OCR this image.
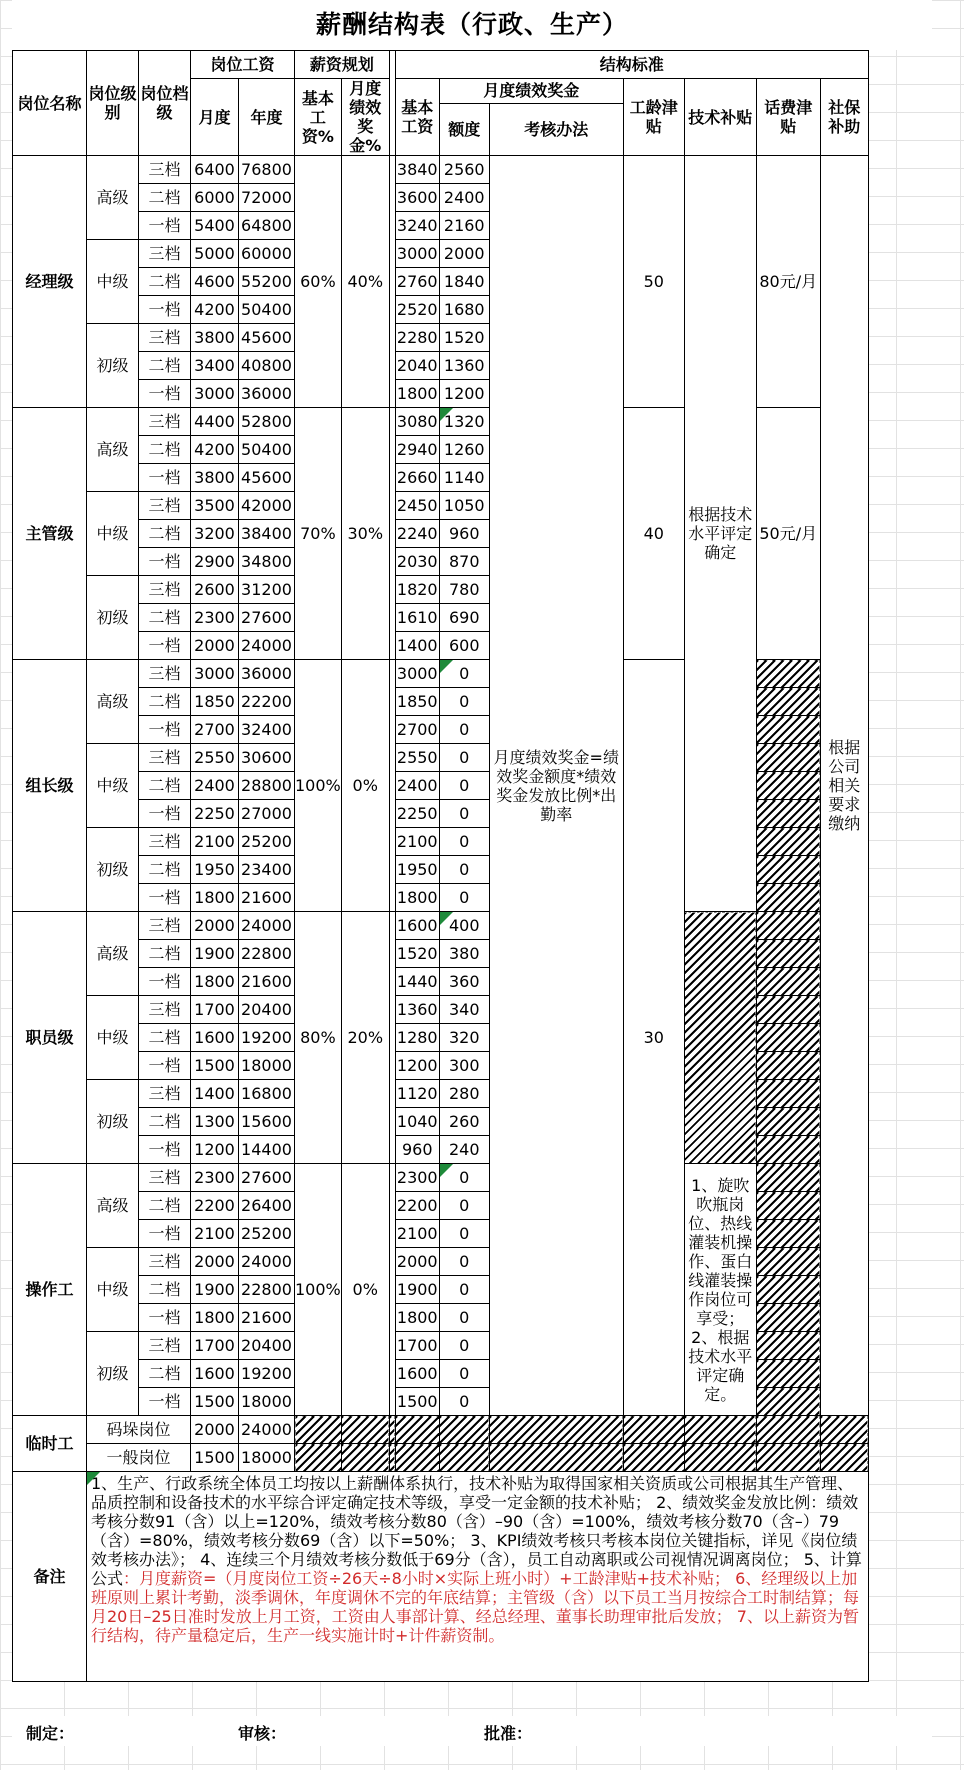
薪酬结构表（行政、生产）
岗位名称	岗位级别	岗位档级	岗位工资		薪资规划			结构标准						
			月度	年度	基本工资%	月度绩效奖金%		基本工资	月度绩效奖金		工龄津贴	技术补贴	话费津贴	社保补助
									额度	考核办法				
经理级	高级	三档	6400	76800	60%	40%		3840	2560	月度绩效奖金=绩效奖金额度*绩效奖金发放比例*出勤率	50	根据技术水平评定确定	80元/月	根据公司相关要求缴纳
		二档	6000	72000				3600	2400					
		一档	5400	64800				3240	2160					
	中级	三档	5000	60000				3000	2000					
		二档	4600	55200				2760	1840					
		一档	4200	50400				2520	1680					
	初级	三档	3800	45600				2280	1520					
		二档	3400	40800				2040	1360					
		一档	3000	36000				1800	1200					
主管级	高级	三档	4400	52800	70%	30%		3080	1320		40		50元/月	
		二档	4200	50400				2940	1260					
		一档	3800	45600				2660	1140					
	中级	三档	3500	42000				2450	1050					
		二档	3200	38400				2240	960					
		一档	2900	34800				2030	870					
	初级	三档	2600	31200				1820	780					
		二档	2300	27600				1610	690					
		一档	2000	24000				1400	600					
组长级	高级	三档	3000	36000	100%	0%		3000	0		30			
		二档	1850	22200				1850	0					
		一档	2700	32400				2700	0					
	中级	三档	2550	30600				2550	0					
		二档	2400	28800				2400	0					
		一档	2250	27000				2250	0					
	初级	三档	2100	25200				2100	0					
		二档	1950	23400				1950	0					
		一档	1800	21600				1800	0					
职员级	高级	三档	2000	24000	80%	20%		1600	400					
		二档	1900	22800				1520	380					
		一档	1800	21600				1440	360					
	中级	三档	1700	20400				1360	340					
		二档	1600	19200				1280	320					
		一档	1500	18000				1200	300					
	初级	三档	1400	16800				1120	280					
		二档	1300	15600				1040	260					
		一档	1200	14400				960	240					
操作工	高级	三档	2300	27600	100%	0%		2300	0			1、旋吹吹瓶岗位、热线灌装机操作、蛋白线灌装操作岗位可享受；2、根据技术水平评定确定。		
		二档	2200	26400				2200	0					
		一档	2100	25200				2100	0					
	中级	三档	2000	24000				2000	0					
		二档	1900	22800				1900	0					
		一档	1800	21600				1800	0					
	初级	三档	1700	20400				1700	0					
		二档	1600	19200				1600	0					
		一档	1500	18000				1500	0					
临时工	码垛岗位		2000	24000										
	一般岗位		1500	18000										
备注	1、生产、行政系统全体员工均按以上薪酬体系执行，技术补贴为取得国家相关资质或公司根据其生产管理、品质控制和设备技术的水平综合评定确定技术等级，享受一定金额的技术补贴； 2、绩效奖金发放比例：绩效考核分数91（含）以上=120%，绩效考核分数80（含）–90（含）=100%，绩效考核分数70（含–）79（含）=80%，绩效考核分数69（含）以下=50%； 3、KPI绩效考核只考核本岗位关键指标，详见《岗位绩效考核办法》； 4、连续三个月绩效考核分数低于69分（含），员工自动离职或公司视情况调离岗位； 5、计算公式：月度薪资=（月度岗位工资÷26天÷8小时×实际上班小时）+工龄津贴+技术补贴； 6、经理级以上加班原则上累计考勤，淡季调休，年度调休不完的年底结算；主管级（含）以下员工当月按综合工时制结算；每月20日–25日准时发放上月工资，工资由人事部计算、经总经理、董事长助理审批后发放； 7、以上薪资为暂行结构，待产量稳定后，生产一线实施计时+计件薪资制。													
制定：	审核：	批准：
